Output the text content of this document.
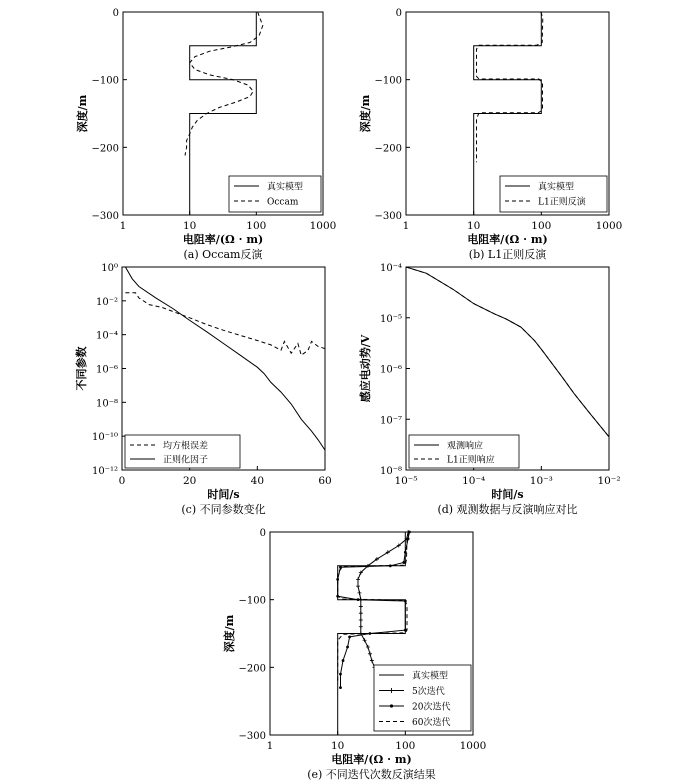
1	10	100	1000
0
−100
−200
−300
电阻率/(Ω · m)
深度/m
(a) Occam反演
真实模型
Occam
1	10	100	1000
0
−100
−200
−300
电阻率/(Ω · m)
深度/m
(b) L1正则反演
真实模型
L1正则反演
0	20	40	60
10⁰
10⁻²
10⁻⁴
10⁻⁶
10⁻⁸
10⁻¹⁰
10⁻¹²
时间/s
不同参数
(c) 不同参数变化
均方根误差
正则化因子
10⁻⁵	10⁻⁴	10⁻³	10⁻²
10⁻⁴
10⁻⁵
10⁻⁶
10⁻⁷
10⁻⁸
时间/s
感应电动势/V
(d) 观测数据与反演响应对比
观测响应
L1正则响应
1	10	100	1000
0
−100
−200
−300
电阻率/(Ω · m)
深度/m
(e) 不同迭代次数反演结果
真实模型
5次迭代
20次迭代
60次迭代
